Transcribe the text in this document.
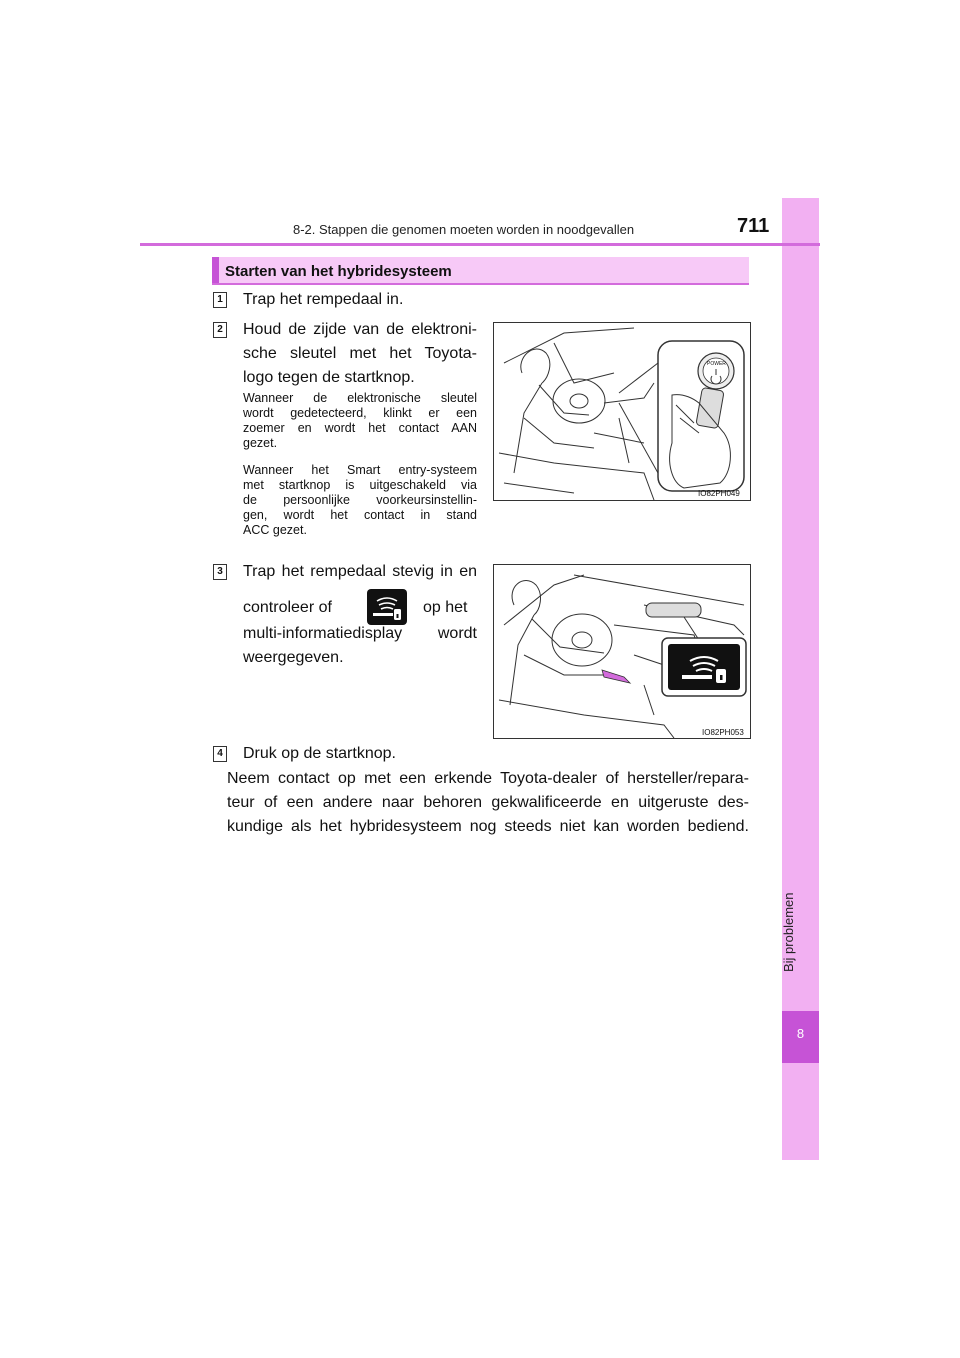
8
Bij problemen
8-2. Stappen die genomen moeten worden in noodgevallen	711
Starten van het hybridesysteem
1 Trap het rempedaal in.
2 Houd de zijde van de elektroni-
sche sleutel met het Toyota-
logo tegen de startknop.
Wanneer de elektronische sleutel
wordt gedetecteerd, klinkt er een
zoemer en wordt het contact AAN
gezet.
Wanneer het Smart entry-systeem
met startknop is uitgeschakeld via
de persoonlijke voorkeursinstellin-
gen, wordt het contact in stand
ACC gezet.
POWER
IO82PH049
3 Trap het rempedaal stevig in en
controleer of	op het
multi-informatiedisplay wordt
weergegeven.
IO82PH053
4 Druk op de startknop.
Neem contact op met een erkende Toyota-dealer of hersteller/repara-
teur of een andere naar behoren gekwalificeerde en uitgeruste des-
kundige als het hybridesysteem nog steeds niet kan worden bediend.
